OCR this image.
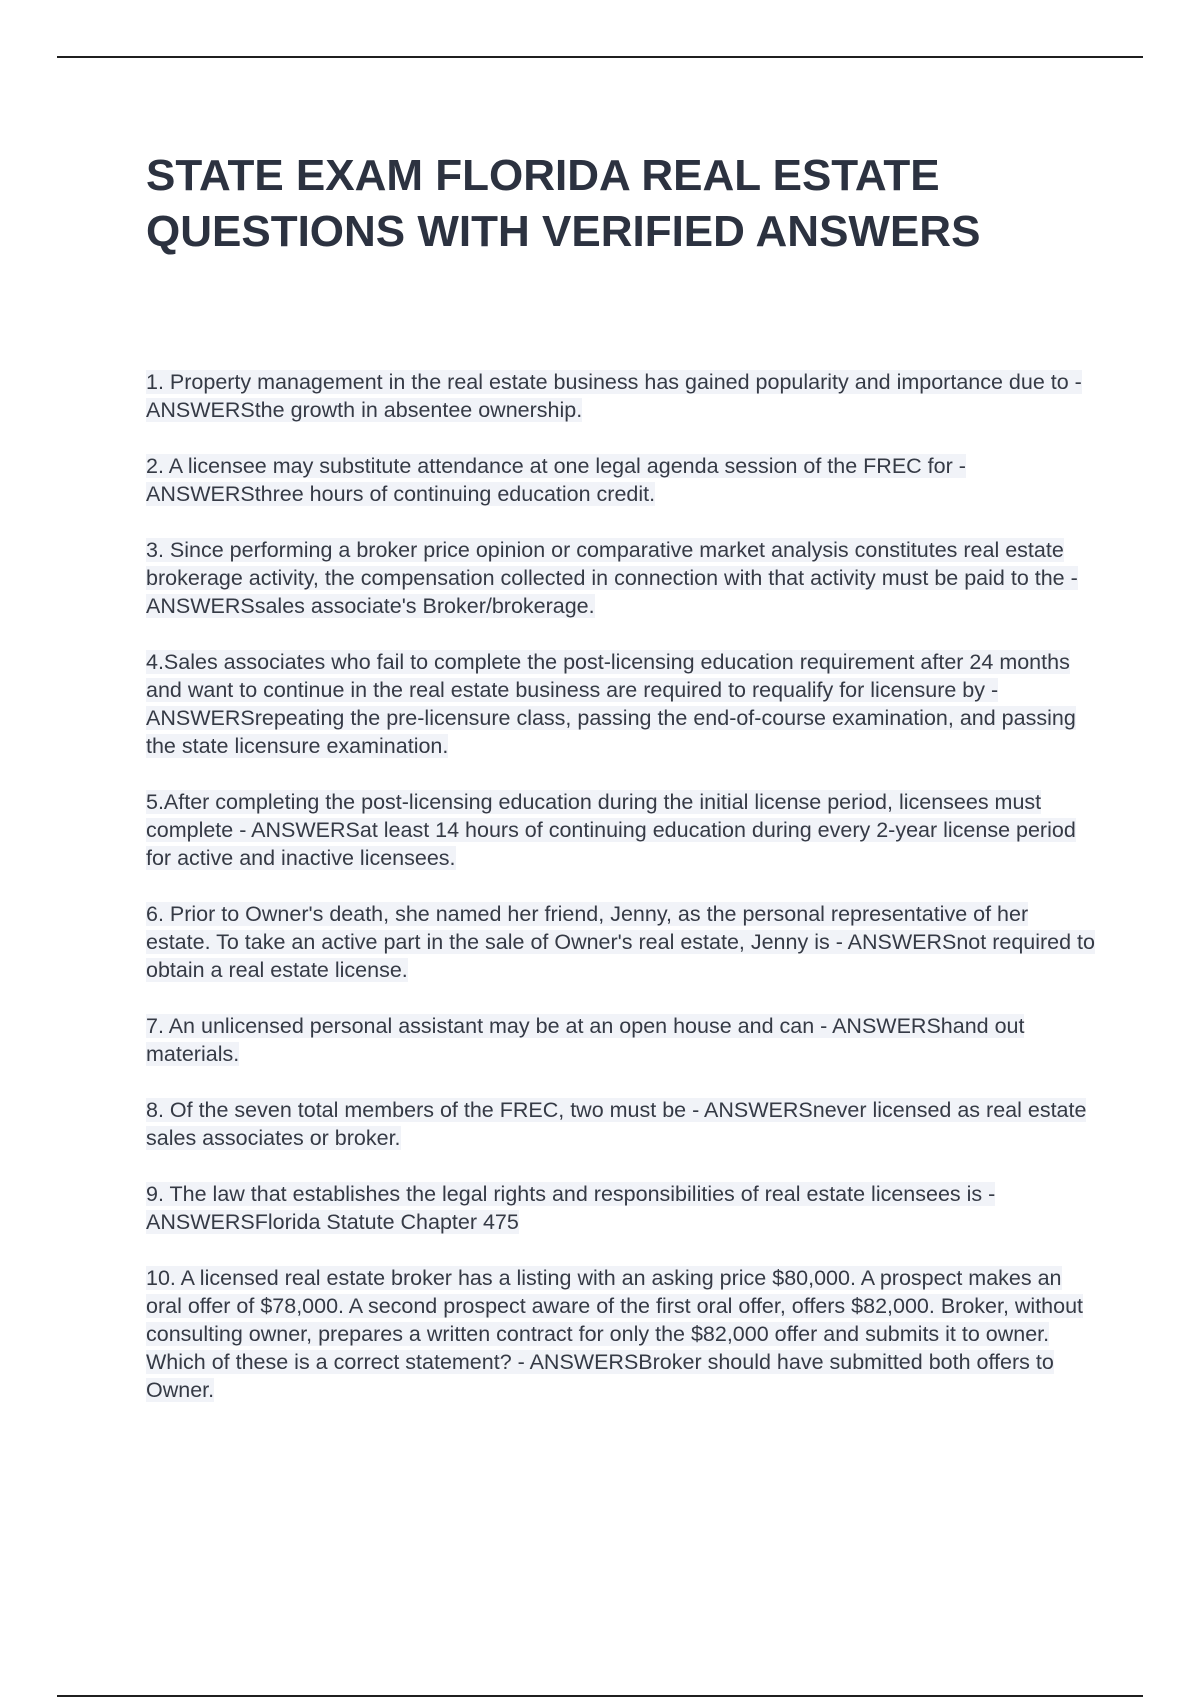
STATE EXAM FLORIDA REAL ESTATE QUESTIONS WITH VERIFIED ANSWERS
1. Property management in the real estate business has gained popularity and importance due to - ANSWERSthe growth in absentee ownership.
2. A licensee may substitute attendance at one legal agenda session of the FREC for - ANSWERSthree hours of continuing education credit.
3. Since performing a broker price opinion or comparative market analysis constitutes real estate brokerage activity, the compensation collected in connection with that activity must be paid to the - ANSWERSsales associate's Broker/brokerage.
4.Sales associates who fail to complete the post-licensing education requirement after 24 months and want to continue in the real estate business are required to requalify for licensure by - ANSWERSrepeating the pre-licensure class, passing the end-of-course examination, and passing the state licensure examination.
5.After completing the post-licensing education during the initial license period, licensees must complete - ANSWERSat least 14 hours of continuing education during every 2-year license period for active and inactive licensees.
6. Prior to Owner's death, she named her friend, Jenny, as the personal representative of her estate. To take an active part in the sale of Owner's real estate, Jenny is - ANSWERSnot required to obtain a real estate license.
7. An unlicensed personal assistant may be at an open house and can - ANSWERShand out materials.
8. Of the seven total members of the FREC, two must be - ANSWERSnever licensed as real estate sales associates or broker.
9. The law that establishes the legal rights and responsibilities of real estate licensees is - ANSWERSFlorida Statute Chapter 475
10. A licensed real estate broker has a listing with an asking price $80,000. A prospect makes an oral offer of $78,000. A second prospect aware of the first oral offer, offers $82,000. Broker, without consulting owner, prepares a written contract for only the $82,000 offer and submits it to owner. Which of these is a correct statement? - ANSWERSBroker should have submitted both offers to Owner.
